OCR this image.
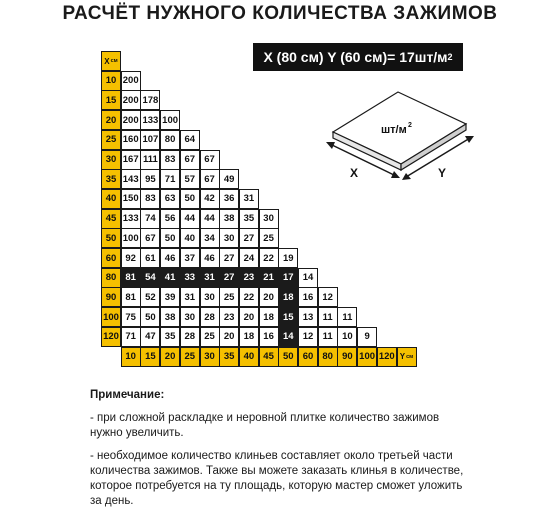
РАСЧЁТ НУЖНОГО КОЛИЧЕСТВА ЗАЖИМОВ
X (80 см) Y (60 см)= 17шт/м 2
шт/м 2
X	Y
X см
10 200
15 200 178
20 200 133 100
25 160 107 80 64
30 167 111 83 67 67
35 143 95 71 57 67 49
40 150 83 63 50 42 36 31
45 133 74 56 44 44 38 35 30
50 100 67 50 40 34 30 27 25
60 92 61 46 37 46 27 24 22 19
80 81 54 41 33 31 27 23 21 17 14
90 81 52 39 31 30 25 22 20 18 16 12
100 75 50 38 30 28 23 20 18 15 13 11	11
120 71 47 35 28 25 20 18 16 14 12 11 10	9
10 15 20 25 30 35 40 45 50 60 80 90 100 120 Y см
Примечание:

- при сложной раскладке и неровной плитке количество зажимов нужно увеличить.

- необходимое количество клиньев составляет около третьей части количества зажимов. Также вы можете заказать клинья в количестве, которое потребуется на ту площадь, которую мастер сможет уложить за день.
